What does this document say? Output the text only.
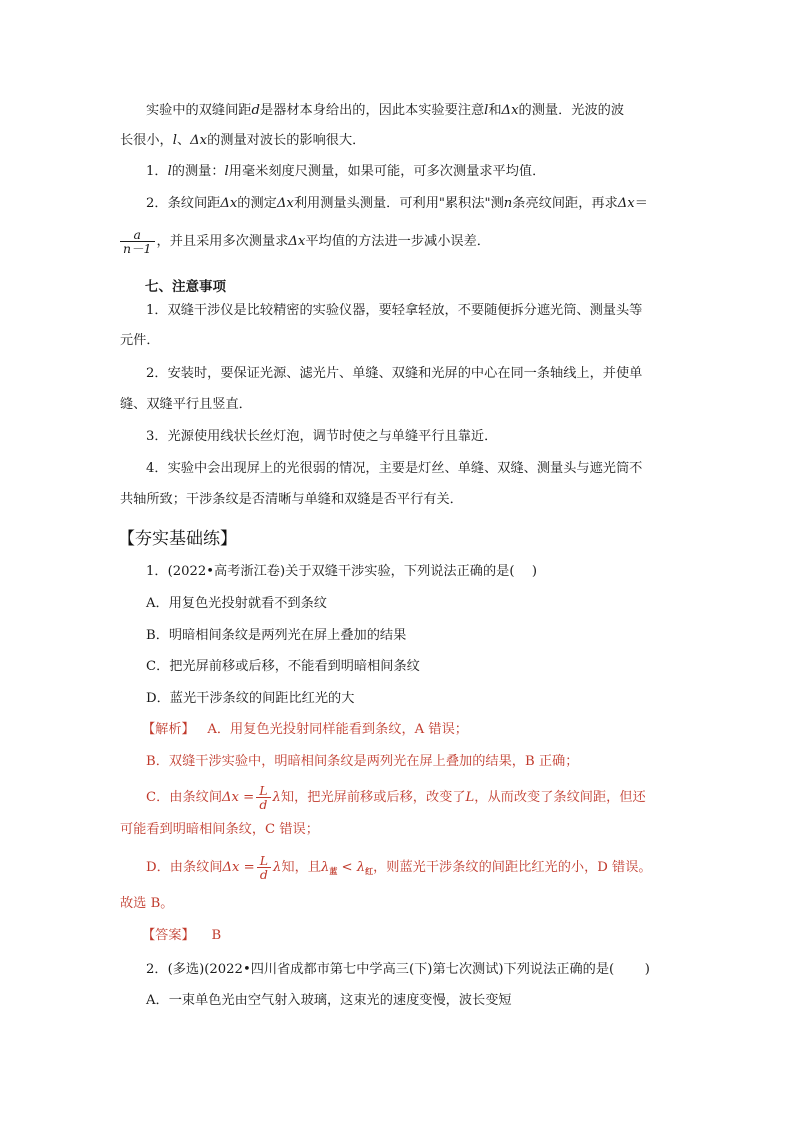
实验中的双缝间距d是器材本身给出的，因此本实验要注意l和Δx的测量．光波的波
长很小，l、Δx的测量对波长的影响很大．
1．l的测量：l用毫米刻度尺测量，如果可能，可多次测量求平均值．
2．条纹间距Δx的测定Δx利用测量头测量．可利用"累积法"测n条亮纹间距，再求Δx＝
$\frac{a}{n-1}$ ，并且采用多次测量求Δx平均值的方法进一步减小误差．
七、注意事项
1．双缝干涉仪是比较精密的实验仪器，要轻拿轻放，不要随便拆分遮光筒、测量头等
元件．
2．安装时，要保证光源、滤光片、单缝、双缝和光屏的中心在同一条轴线上，并使单
缝、双缝平行且竖直．
3．光源使用线状长丝灯泡，调节时使之与单缝平行且靠近．
4．实验中会出现屏上的光很弱的情况，主要是灯丝、单缝、双缝、测量头与遮光筒不
共轴所致；干涉条纹是否清晰与单缝和双缝是否平行有关．
【夯实基础练】
1．(2022•高考浙江卷)关于双缝干涉实验，下列说法正确的是(　 )
A．用复色光投射就看不到条纹
B．明暗相间条纹是两列光在屏上叠加的结果
C．把光屏前移或后移，不能看到明暗相间条纹
D．蓝光干涉条纹的间距比红光的大
【解析】 A．用复色光投射同样能看到条纹，A 错误；
B．双缝干涉实验中，明暗相间条纹是两列光在屏上叠加的结果，B 正确；
C．由条纹间$\Delta x = \frac{L}{d}$ λ知，把光屏前移或后移，改变了L，从而改变了条纹间距，但还
可能看到明暗相间条纹，C 错误；
D．由条纹间$\Delta x = \frac{L}{d}$ λ知，且$\lambda_蓝 < \lambda_红$，则蓝光干涉条纹的间距比红光的小，D 错误。
故选 B。
【答案】 B
2．(多选)(2022•四川省成都市第七中学高三(下)第七次测试)下列说法正确的是(　 　)
A．一束单色光由空气射入玻璃，这束光的速度变慢，波长变短
